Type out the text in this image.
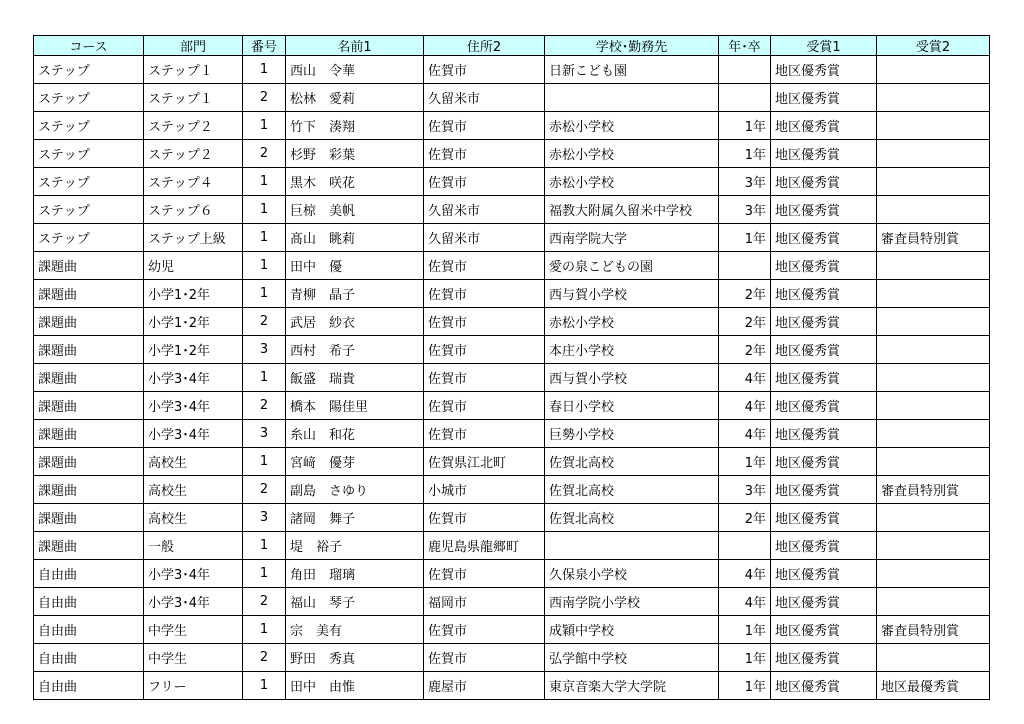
コース	部門	番号	名前1	住所2	学校･勤務先	年･卒	受賞1	受賞2
ステップ	ステップ１	1	西山　令華	佐賀市	日新こども園		地区優秀賞	
ステップ	ステップ１	2	松林　愛莉	久留米市			地区優秀賞	
ステップ	ステップ２	1	竹下　湊翔	佐賀市	赤松小学校	1年	地区優秀賞	
ステップ	ステップ２	2	杉野　彩葉	佐賀市	赤松小学校	1年	地区優秀賞	
ステップ	ステップ４	1	黒木　咲花	佐賀市	赤松小学校	3年	地区優秀賞	
ステップ	ステップ６	1	巨椋　美帆	久留米市	福教大附属久留米中学校	3年	地区優秀賞	
ステップ	ステップ上級	1	髙山　眺莉	久留米市	西南学院大学	1年	地区優秀賞	審査員特別賞
課題曲	幼児	1	田中　優	佐賀市	愛の泉こどもの園		地区優秀賞	
課題曲	小学1･2年	1	青柳　晶子	佐賀市	西与賀小学校	2年	地区優秀賞	
課題曲	小学1･2年	2	武居　紗衣	佐賀市	赤松小学校	2年	地区優秀賞	
課題曲	小学1･2年	3	西村　希子	佐賀市	本庄小学校	2年	地区優秀賞	
課題曲	小学3･4年	1	飯盛　瑞貴	佐賀市	西与賀小学校	4年	地区優秀賞	
課題曲	小学3･4年	2	橋本　陽佳里	佐賀市	春日小学校	4年	地区優秀賞	
課題曲	小学3･4年	3	糸山　和花	佐賀市	巨勢小学校	4年	地区優秀賞	
課題曲	高校生	1	宮﨑　優芽	佐賀県江北町	佐賀北高校	1年	地区優秀賞	
課題曲	高校生	2	副島　さゆり	小城市	佐賀北高校	3年	地区優秀賞	審査員特別賞
課題曲	高校生	3	諸岡　舞子	佐賀市	佐賀北高校	2年	地区優秀賞	
課題曲	一般	1	堤　裕子	鹿児島県龍郷町			地区優秀賞	
自由曲	小学3･4年	1	角田　瑠璃	佐賀市	久保泉小学校	4年	地区優秀賞	
自由曲	小学3･4年	2	福山　琴子	福岡市	西南学院小学校	4年	地区優秀賞	
自由曲	中学生	1	宗　美有	佐賀市	成穎中学校	1年	地区優秀賞	審査員特別賞
自由曲	中学生	2	野田　秀真	佐賀市	弘学館中学校	1年	地区優秀賞	
自由曲	フリー	1	田中　由惟	鹿屋市	東京音楽大学大学院	1年	地区優秀賞	地区最優秀賞
